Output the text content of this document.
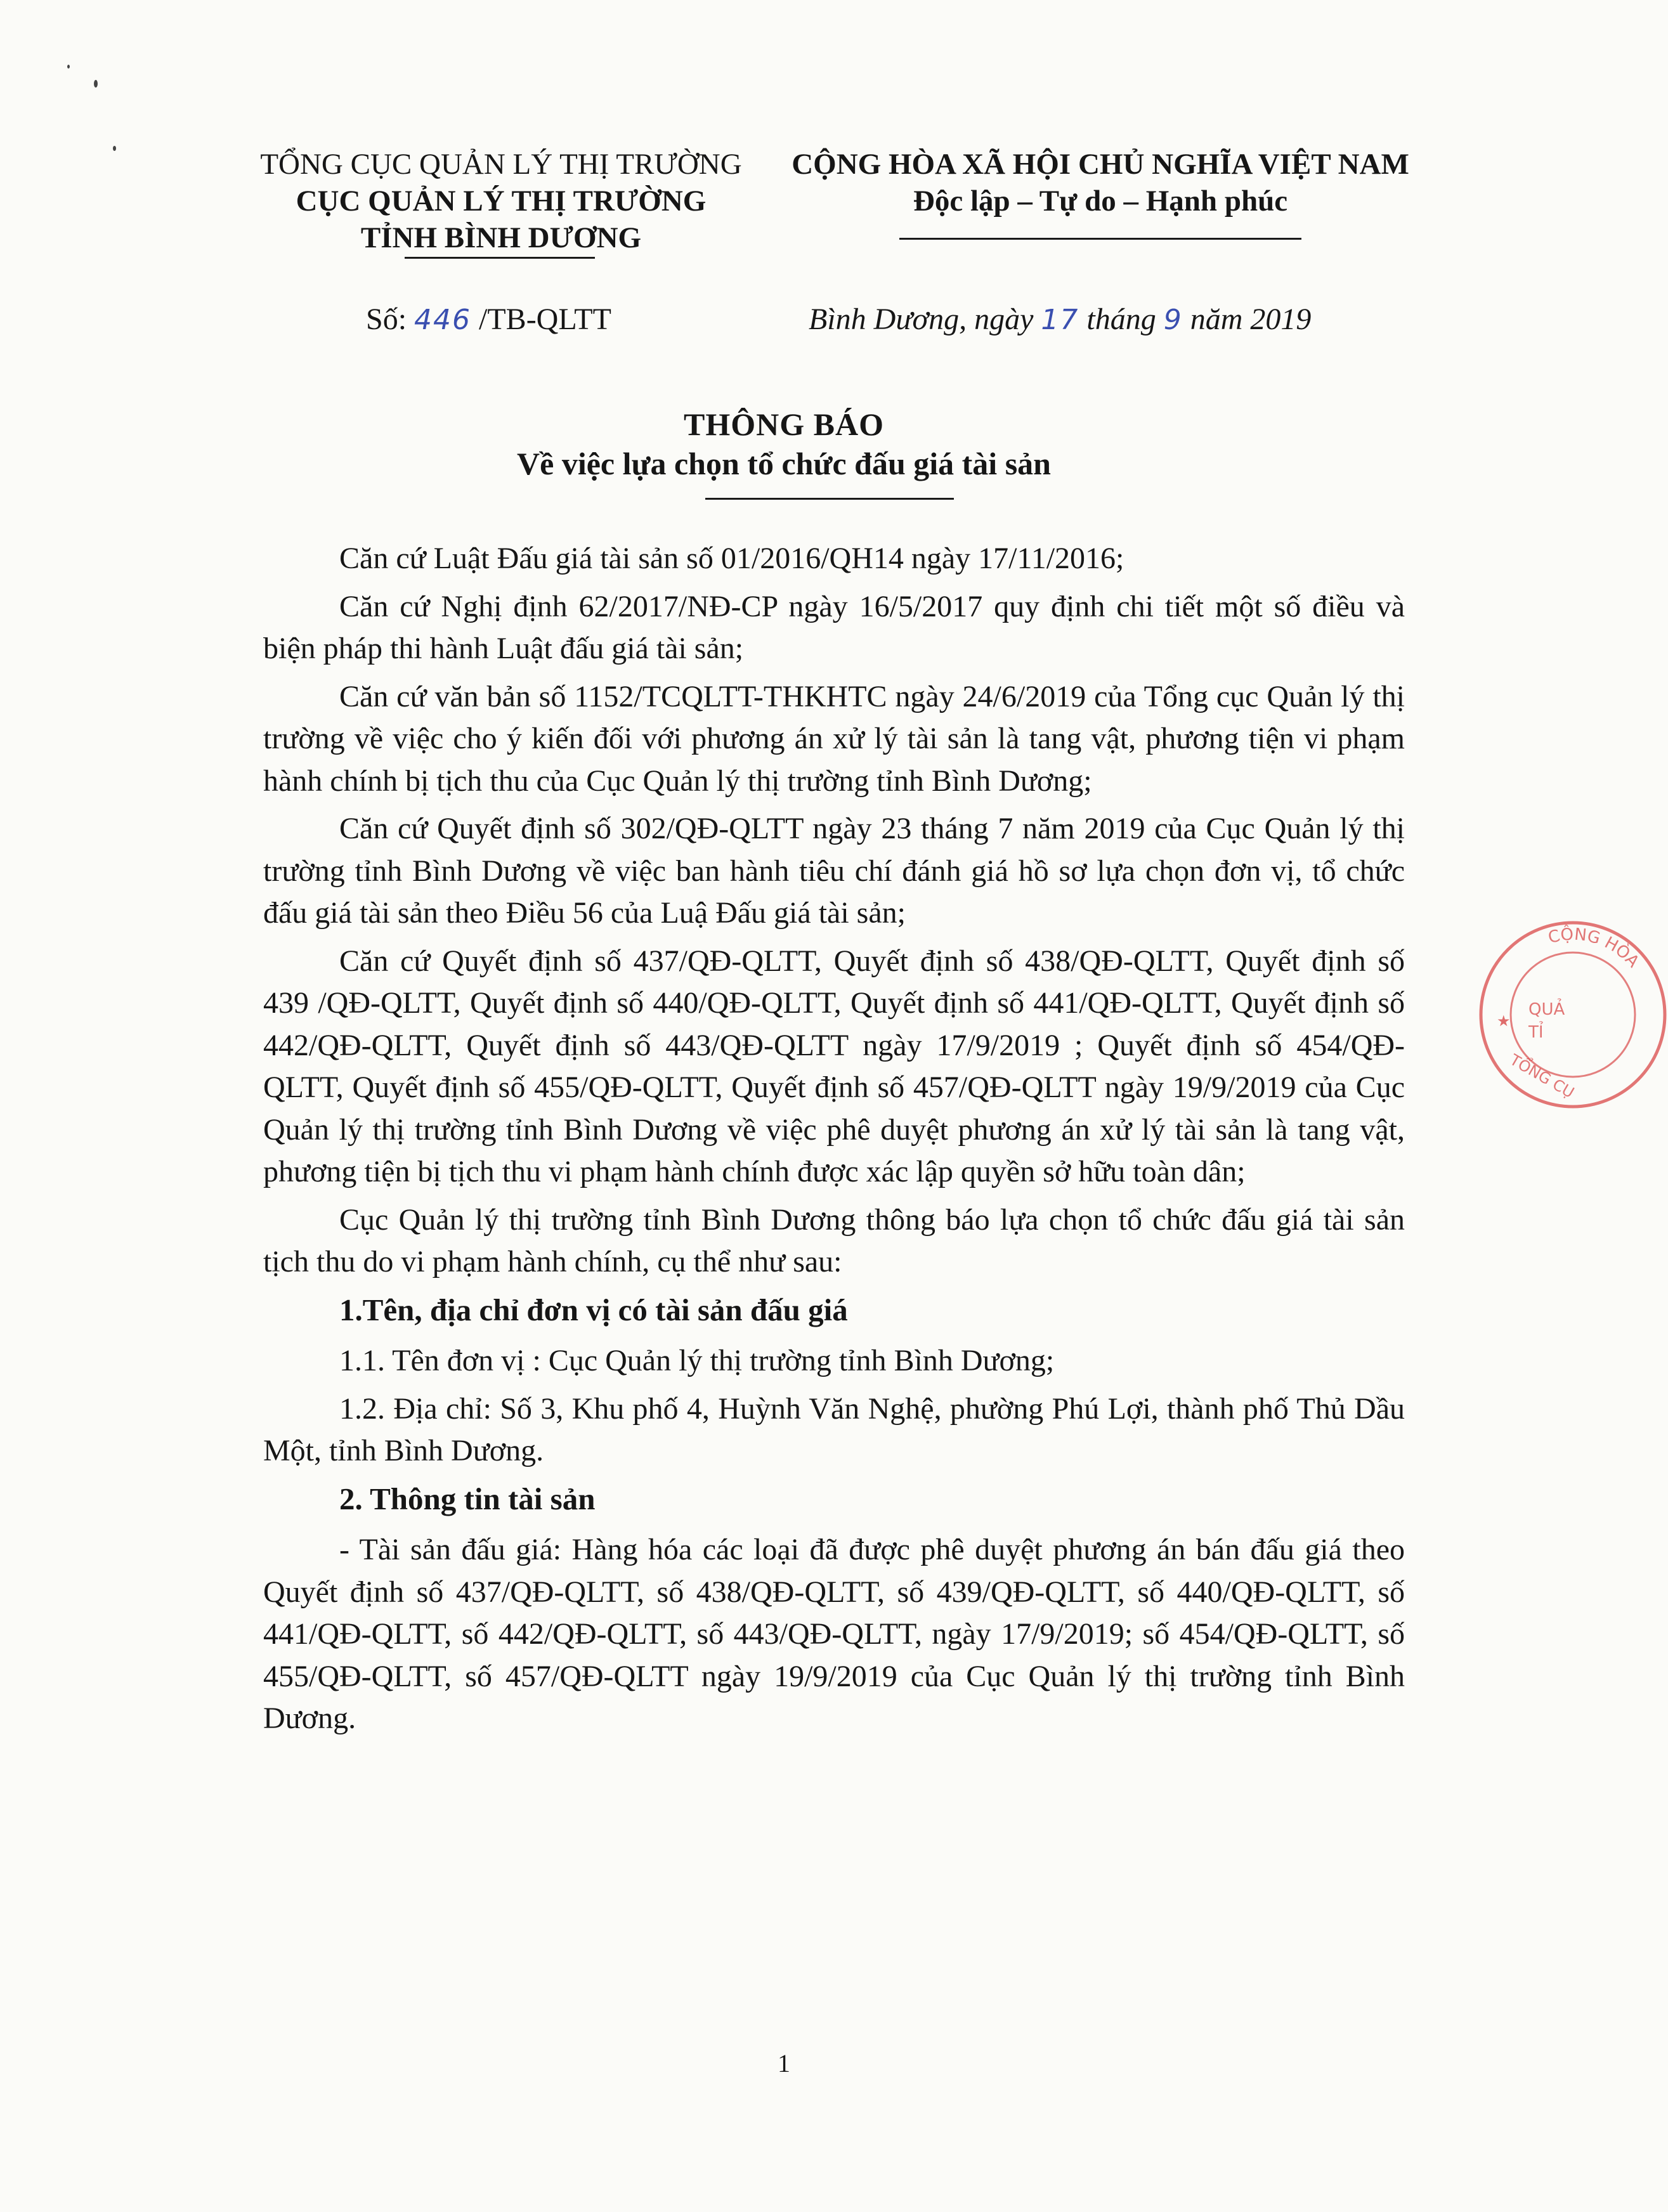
TỔNG CỤC QUẢN LÝ THỊ TRƯỜNG
CỤC QUẢN LÝ THỊ TRƯỜNG
TỈNH BÌNH DƯƠNG
CỘNG HÒA XÃ HỘI CHỦ NGHĨA VIỆT NAM
Độc lập – Tự do – Hạnh phúc
Số: 446 /TB-QLTT	Bình Dương, ngày 17 tháng 9 năm 2019
THÔNG BÁO
Về việc lựa chọn tổ chức đấu giá tài sản

Căn cứ Luật Đấu giá tài sản số 01/2016/QH14 ngày 17/11/2016;

Căn cứ Nghị định 62/2017/NĐ-CP ngày 16/5/2017 quy định chi tiết một số điều và biện pháp thi hành Luật đấu giá tài sản;

Căn cứ văn bản số 1152/TCQLTT-THKHTC ngày 24/6/2019 của Tổng cục Quản lý thị trường về việc cho ý kiến đối với phương án xử lý tài sản là tang vật, phương tiện vi phạm hành chính bị tịch thu của Cục Quản lý thị trường tỉnh Bình Dương;

Căn cứ Quyết định số 302/QĐ-QLTT ngày 23 tháng 7 năm 2019 của Cục Quản lý thị trường tỉnh Bình Dương về việc ban hành tiêu chí đánh giá hồ sơ lựa chọn đơn vị, tổ chức đấu giá tài sản theo Điều 56 của Luậ Đấu giá tài sản;

Căn cứ Quyết định số 437/QĐ-QLTT, Quyết định số 438/QĐ-QLTT, Quyết định số 439 /QĐ-QLTT, Quyết định số 440/QĐ-QLTT, Quyết định số 441/QĐ-QLTT, Quyết định số 442/QĐ-QLTT, Quyết định số 443/QĐ-QLTT ngày 17/9/2019 ; Quyết định số 454/QĐ-QLTT, Quyết định số 455/QĐ-QLTT, Quyết định số 457/QĐ-QLTT ngày 19/9/2019 của Cục Quản lý thị trường tỉnh Bình Dương về việc phê duyệt phương án xử lý tài sản là tang vật, phương tiện bị tịch thu vi phạm hành chính được xác lập quyền sở hữu toàn dân;

Cục Quản lý thị trường tỉnh Bình Dương thông báo lựa chọn tổ chức đấu giá tài sản tịch thu do vi phạm hành chính, cụ thể như sau:

1.Tên, địa chỉ đơn vị có tài sản đấu giá

1.1. Tên đơn vị : Cục Quản lý thị trường tỉnh Bình Dương;

1.2. Địa chỉ: Số 3, Khu phố 4, Huỳnh Văn Nghệ, phường Phú Lợi, thành phố Thủ Dầu Một, tỉnh Bình Dương.

2. Thông tin tài sản

- Tài sản đấu giá: Hàng hóa các loại đã được phê duyệt phương án bán đấu giá theo Quyết định số 437/QĐ-QLTT, số 438/QĐ-QLTT, số 439/QĐ-QLTT, số 440/QĐ-QLTT, số 441/QĐ-QLTT, số 442/QĐ-QLTT, số 443/QĐ-QLTT, ngày 17/9/2019; số 454/QĐ-QLTT, số 455/QĐ-QLTT, số 457/QĐ-QLTT ngày 19/9/2019 của Cục Quản lý thị trường tỉnh Bình Dương.

CỘNG HÒA
★
QUẢ
TỈ
TỔNG CỤ
1
